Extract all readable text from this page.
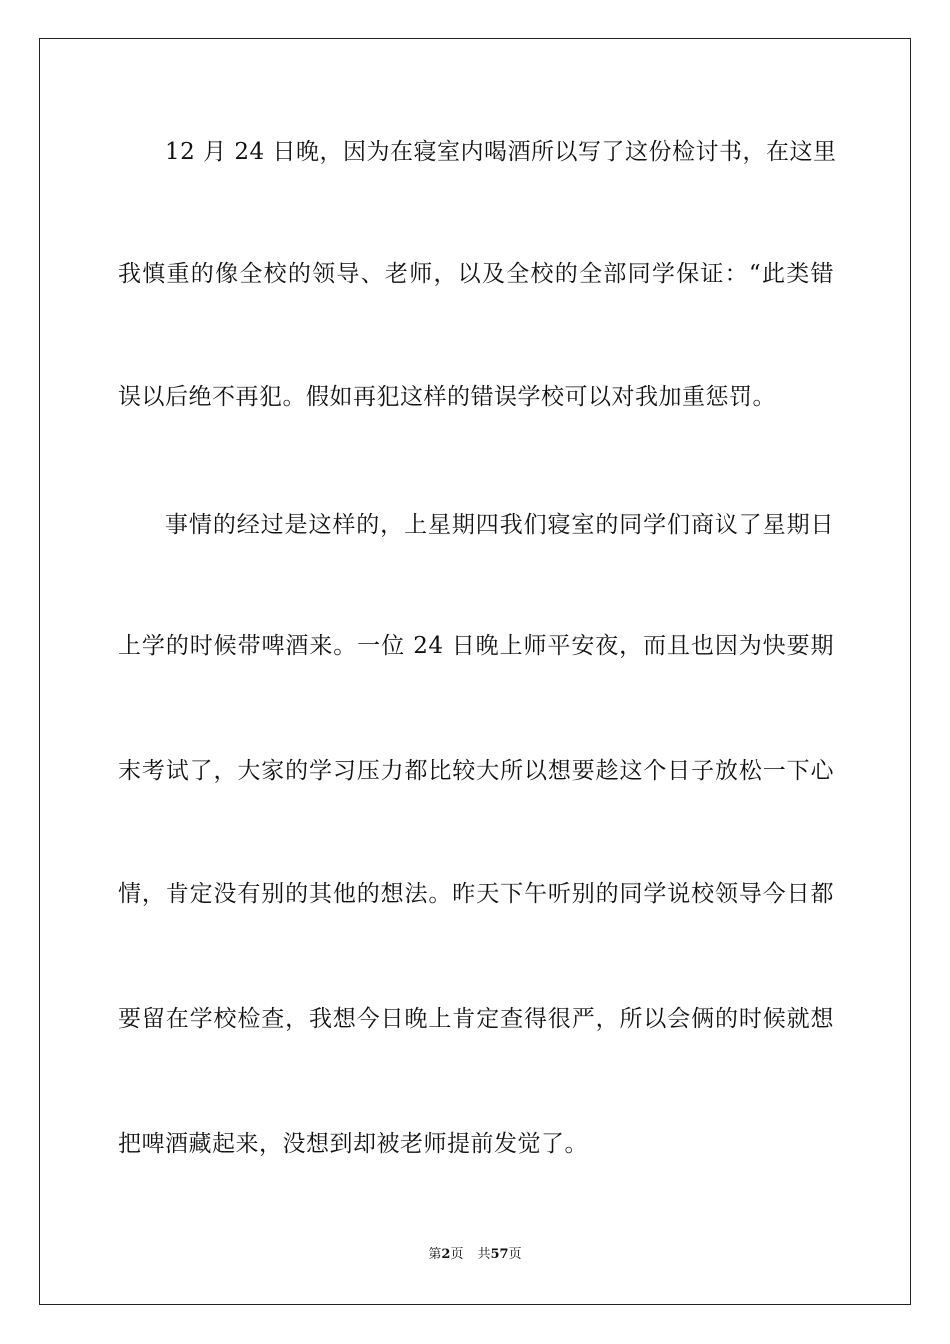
12 月 24 日晚，因为在寝室内喝酒所以写了这份检讨书，在这里
我慎重的像全校的领导、老师，以及全校的全部同学保证：“此类错
误以后绝不再犯。假如再犯这样的错误学校可以对我加重惩罚。
事情的经过是这样的，上星期四我们寝室的同学们商议了星期日
上学的时候带啤酒来。一位 24 日晚上师平安夜，而且也因为快要期
末考试了，大家的学习压力都比较大所以想要趁这个日子放松一下心
情，肯定没有别的其他的想法。昨天下午听别的同学说校领导今日都
要留在学校检查，我想今日晚上肯定查得很严，所以会俩的时候就想
把啤酒藏起来，没想到却被老师提前发觉了。
第2页 共57页
